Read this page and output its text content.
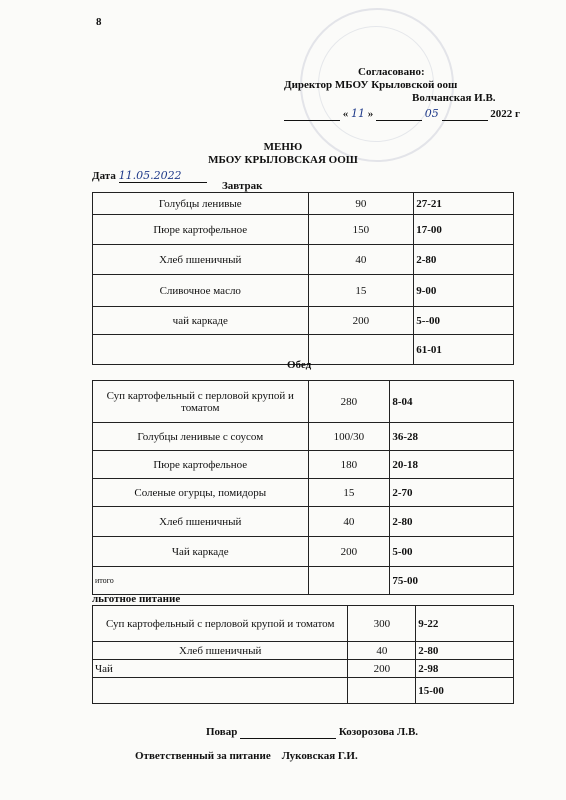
8
Согласовано:
Директор МБОУ Крыловской оош
Волчанская И.В.
« 11 »	05	2022 г
МЕНЮ
МБОУ КРЫЛОВСКАЯ ООШ
Дата 11.05.2022
Завтрак
Голубцы ленивые	90	27-21
Пюре картофельное	150	17-00
Хлеб пшеничный	40	2-80
Сливочное масло	15	9-00
чай каркаде	200	5--00
		61-01
Обед
Суп картофельный с перловой крупой и томатом	280	8-04
Голубцы ленивые с соусом	100/30	36-28
Пюре картофельное	180	20-18
Соленые огурцы, помидоры	15	2-70
Хлеб пшеничный	40	2-80
Чай каркаде	200	5-00
итого		75-00
льготное питание
Суп картофельный с перловой крупой и томатом	300	9-22
Хлеб пшеничный	40	2-80
Чай	200	2-98
		15-00
Повар	Козорозова Л.В.
Ответственный за питание Луковская Г.И.
